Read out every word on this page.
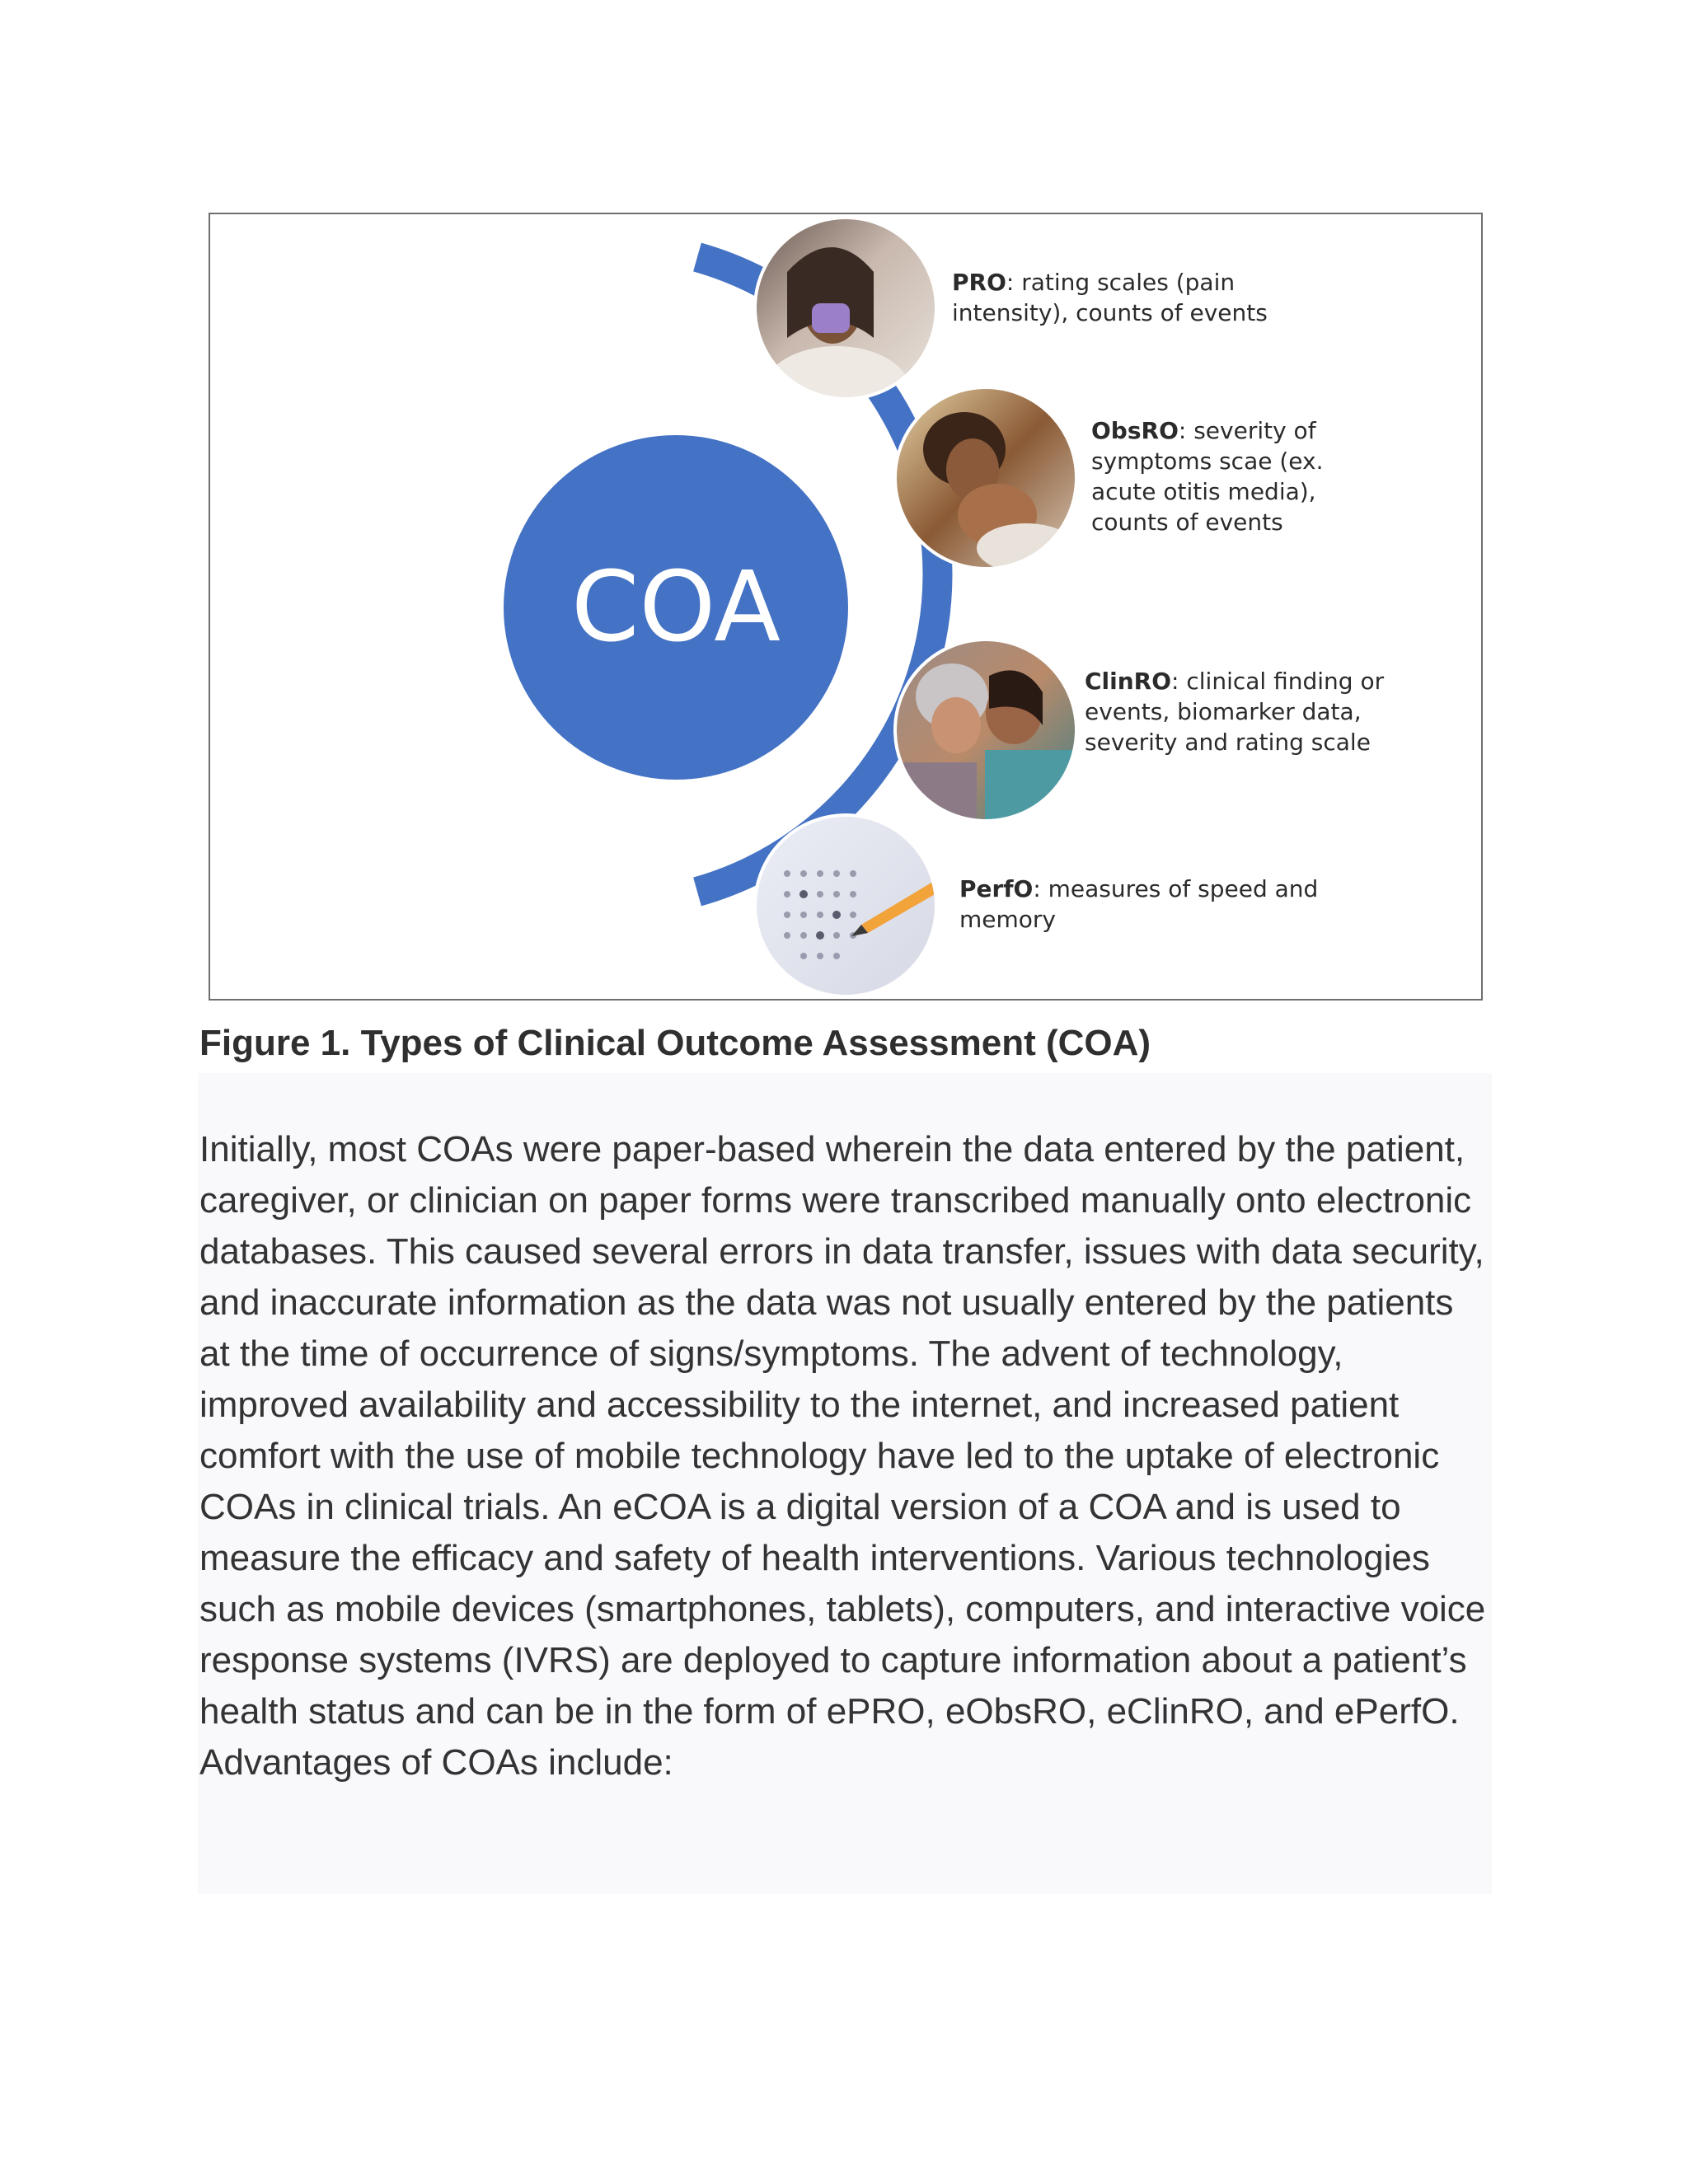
COA
PRO: rating scales (pain intensity), counts of events
ObsRO: severity of symptoms scae (ex. acute otitis media), counts of events
ClinRO: clinical finding or events, biomarker data, severity and rating scale
PerfO: measures of speed and memory
Figure 1. Types of Clinical Outcome Assessment (COA)

Initially, most COAs were paper-based wherein the data entered by the patient, caregiver, or clinician on paper forms were transcribed manually onto electronic databases. This caused several errors in data transfer, issues with data security, and inaccurate information as the data was not usually entered by the patients at the time of occurrence of signs/symptoms. The advent of technology, improved availability and accessibility to the internet, and increased patient comfort with the use of mobile technology have led to the uptake of electronic COAs in clinical trials. An eCOA is a digital version of a COA and is used to measure the efficacy and safety of health interventions. Various technologies such as mobile devices (smartphones, tablets), computers, and interactive voice response systems (IVRS) are deployed to capture information about a patient’s health status and can be in the form of ePRO, eObsRO, eClinRO, and ePerfO. Advantages of COAs include:
